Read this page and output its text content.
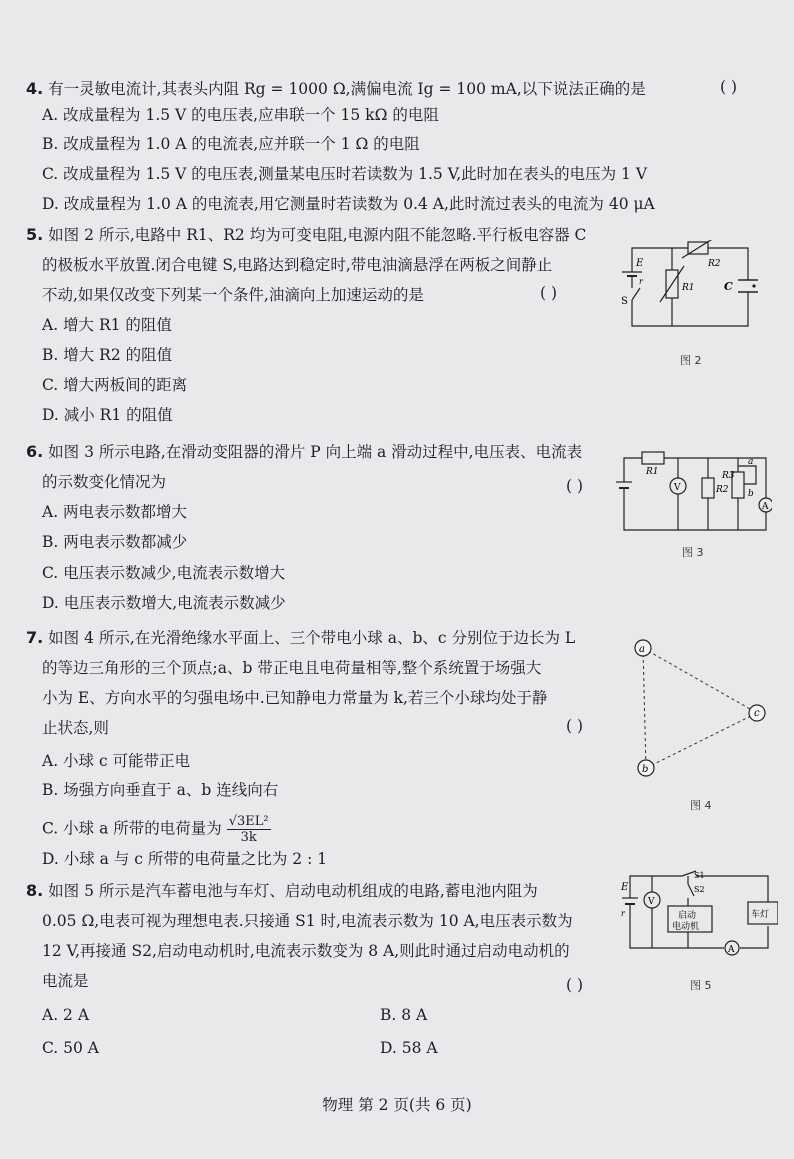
4. 有一灵敏电流计,其表头内阻 Rg = 1000 Ω,满偏电流 Ig = 100 mA,以下说法正确的是	( )
A. 改成量程为 1.5 V 的电压表,应串联一个 15 kΩ 的电阻
B. 改成量程为 1.0 A 的电流表,应并联一个 1 Ω 的电阻
C. 改成量程为 1.5 V 的电压表,测量某电压时若读数为 1.5 V,此时加在表头的电压为 1 V
D. 改成量程为 1.0 A 的电流表,用它测量时若读数为 0.4 A,此时流过表头的电流为 40 μA
5. 如图 2 所示,电路中 R1、R2 均为可变电阻,电源内阻不能忽略.平行板电容器 C
的极板水平放置.闭合电键 S,电路达到稳定时,带电油滴悬浮在两板之间静止
不动,如果仅改变下列某一个条件,油滴向上加速运动的是	( )
A. 增大 R1 的阻值
B. 增大 R2 的阻值
C. 增大两板间的距离
D. 减小 R1 的阻值
E
r
S
R1
R2
C
图 2
6. 如图 3 所示电路,在滑动变阻器的滑片 P 向上端 a 滑动过程中,电压表、电流表
的示数变化情况为	( )
A. 两电表示数都增大
B. 两电表示数都减少
C. 电压表示数减少,电流表示数增大
D. 电压表示数增大,电流表示数减少
V
A
R1
R2
R3
a
b
图 3
7. 如图 4 所示,在光滑绝缘水平面上、三个带电小球 a、b、c 分别位于边长为 L
的等边三角形的三个顶点;a、b 带正电且电荷量相等,整个系统置于场强大
小为 E、方向水平的匀强电场中.已知静电力常量为 k,若三个小球均处于静
止状态,则	( )
A. 小球 c 可能带正电
B. 场强方向垂直于 a、b 连线向右
C. 小球 a 所带的电荷量为 $\frac{\text{√3EL²}}{3k}$
D. 小球 a 与 c 所带的电荷量之比为 2 : 1
a
b
c
图 4
8. 如图 5 所示是汽车蓄电池与车灯、启动电动机组成的电路,蓄电池内阻为
0.05 Ω,电表可视为理想电表.只接通 S1 时,电流表示数为 10 A,电压表示数为
12 V,再接通 S2,启动电动机时,电流表示数变为 8 A,则此时通过启动电动机的
电流是	( )
A. 2 A	B. 8 A
C. 50 A	D. 58 A
V
A
E
r
S1
S2
启动
电动机
车灯
图 5
物理 第 2 页(共 6 页)
